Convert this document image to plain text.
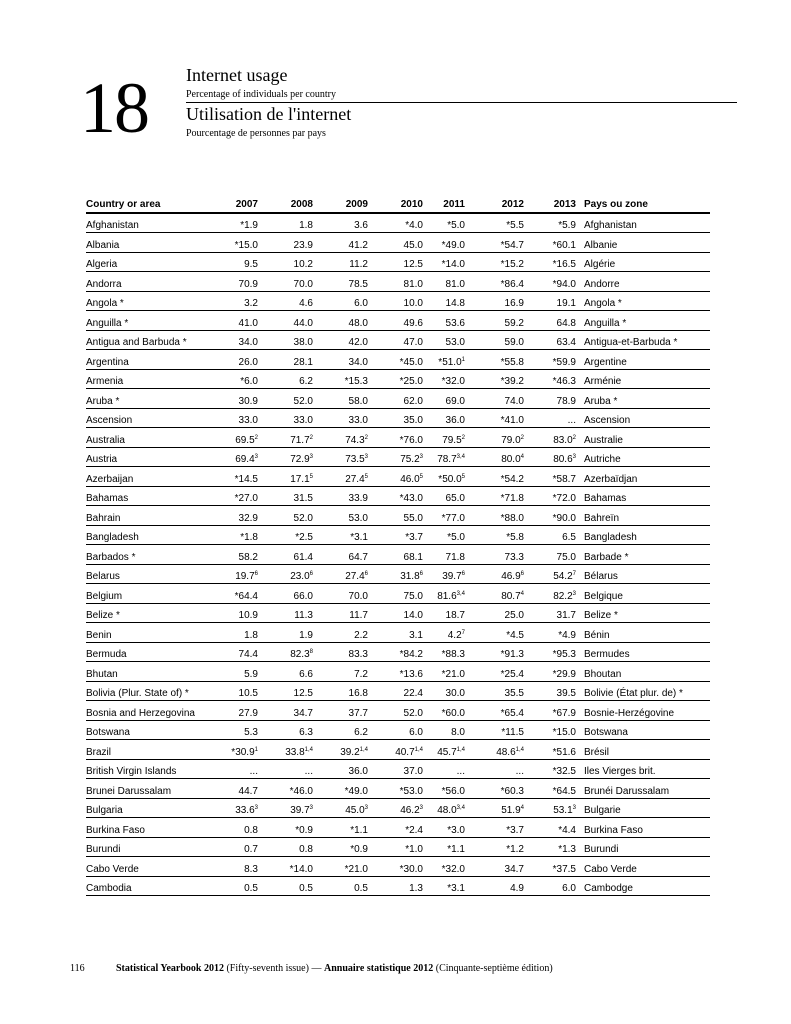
18 Internet usage
Percentage of individuals per country
Utilisation de l'internet
Pourcentage de personnes par pays
Country or area	2007	2008	2009	2010	2011	2012	2013	Pays ou zone
Afghanistan	*1.9	1.8	3.6	*4.0	*5.0	*5.5	*5.9	Afghanistan
Albania	*15.0	23.9	41.2	45.0	*49.0	*54.7	*60.1	Albanie
Algeria	9.5	10.2	11.2	12.5	*14.0	*15.2	*16.5	Algérie
Andorra	70.9	70.0	78.5	81.0	81.0	*86.4	*94.0	Andorre
Angola *	3.2	4.6	6.0	10.0	14.8	16.9	19.1	Angola *
Anguilla *	41.0	44.0	48.0	49.6	53.6	59.2	64.8	Anguilla *
Antigua and Barbuda *	34.0	38.0	42.0	47.0	53.0	59.0	63.4	Antigua-et-Barbuda *
Argentina	26.0	28.1	34.0	*45.0	*51.0$^1$	*55.8	*59.9	Argentine
Armenia	*6.0	6.2	*15.3	*25.0	*32.0	*39.2	*46.3	Arménie
Aruba *	30.9	52.0	58.0	62.0	69.0	74.0	78.9	Aruba *
Ascension	33.0	33.0	33.0	35.0	36.0	*41.0	...	Ascension
Australia	69.5$^2$	71.7$^2$	74.3$^2$	*76.0	79.5$^2$	79.0$^2$	83.0$^2$	Australie
Austria	69.4$^3$	72.9$^3$	73.5$^3$	75.2$^3$	78.7$^{3,4}$	80.0$^4$	80.6$^3$	Autriche
Azerbaijan	*14.5	17.1$^5$	27.4$^5$	46.0$^5$	*50.0$^5$	*54.2	*58.7	Azerbaïdjan
Bahamas	*27.0	31.5	33.9	*43.0	65.0	*71.8	*72.0	Bahamas
Bahrain	32.9	52.0	53.0	55.0	*77.0	*88.0	*90.0	Bahreïn
Bangladesh	*1.8	*2.5	*3.1	*3.7	*5.0	*5.8	6.5	Bangladesh
Barbados *	58.2	61.4	64.7	68.1	71.8	73.3	75.0	Barbade *
Belarus	19.7$^6$	23.0$^6$	27.4$^6$	31.8$^6$	39.7$^6$	46.9$^6$	54.2$^7$	Bélarus
Belgium	*64.4	66.0	70.0	75.0	81.6$^{3,4}$	80.7$^4$	82.2$^3$	Belgique
Belize *	10.9	11.3	11.7	14.0	18.7	25.0	31.7	Belize *
Benin	1.8	1.9	2.2	3.1	$4.2^7$	*4.5	*4.9	Bénin
Bermuda	74.4	82.3$^8$	83.3	*84.2	*88.3	*91.3	*95.3	Bermudes
Bhutan	5.9	6.6	7.2	*13.6	*21.0	*25.4	*29.9	Bhoutan
Bolivia (Plur. State of) *	10.5	12.5	16.8	22.4	30.0	35.5	39.5	Bolivie (État plur. de) *
Bosnia and Herzegovina	27.9	34.7	37.7	52.0	*60.0	*65.4	*67.9	Bosnie-Herzégovine
Botswana	5.3	6.3	6.2	6.0	8.0	*11.5	*15.0	Botswana
Brazil	*30.9$^1$	33.8$^{1,4}$	39.2$^{1,4}$	40.7$^{1,4}$	45.7$^{1,4}$	48.6$^{1,4}$	*51.6	Brésil
British Virgin Islands	...	...	36.0	37.0	...	...	*32.5	Iles Vierges brit.
Brunei Darussalam	44.7	*46.0	*49.0	*53.0	*56.0	*60.3	*64.5	Brunéi Darussalam
Bulgaria	33.6$^3$	39.7$^3$	45.0$^3$	46.2$^3$	48.0$^{3,4}$	51.9$^4$	53.1$^3$	Bulgarie
Burkina Faso	0.8	*0.9	*1.1	*2.4	*3.0	*3.7	*4.4	Burkina Faso
Burundi	0.7	0.8	*0.9	*1.0	*1.1	*1.2	*1.3	Burundi
Cabo Verde	8.3	*14.0	*21.0	*30.0	*32.0	34.7	*37.5	Cabo Verde
Cambodia	0.5	0.5	0.5	1.3	*3.1	4.9	6.0	Cambodge
116	Statistical Yearbook 2012 (Fifty-seventh issue) — Annuaire statistique 2012 (Cinquante-septième édition)
